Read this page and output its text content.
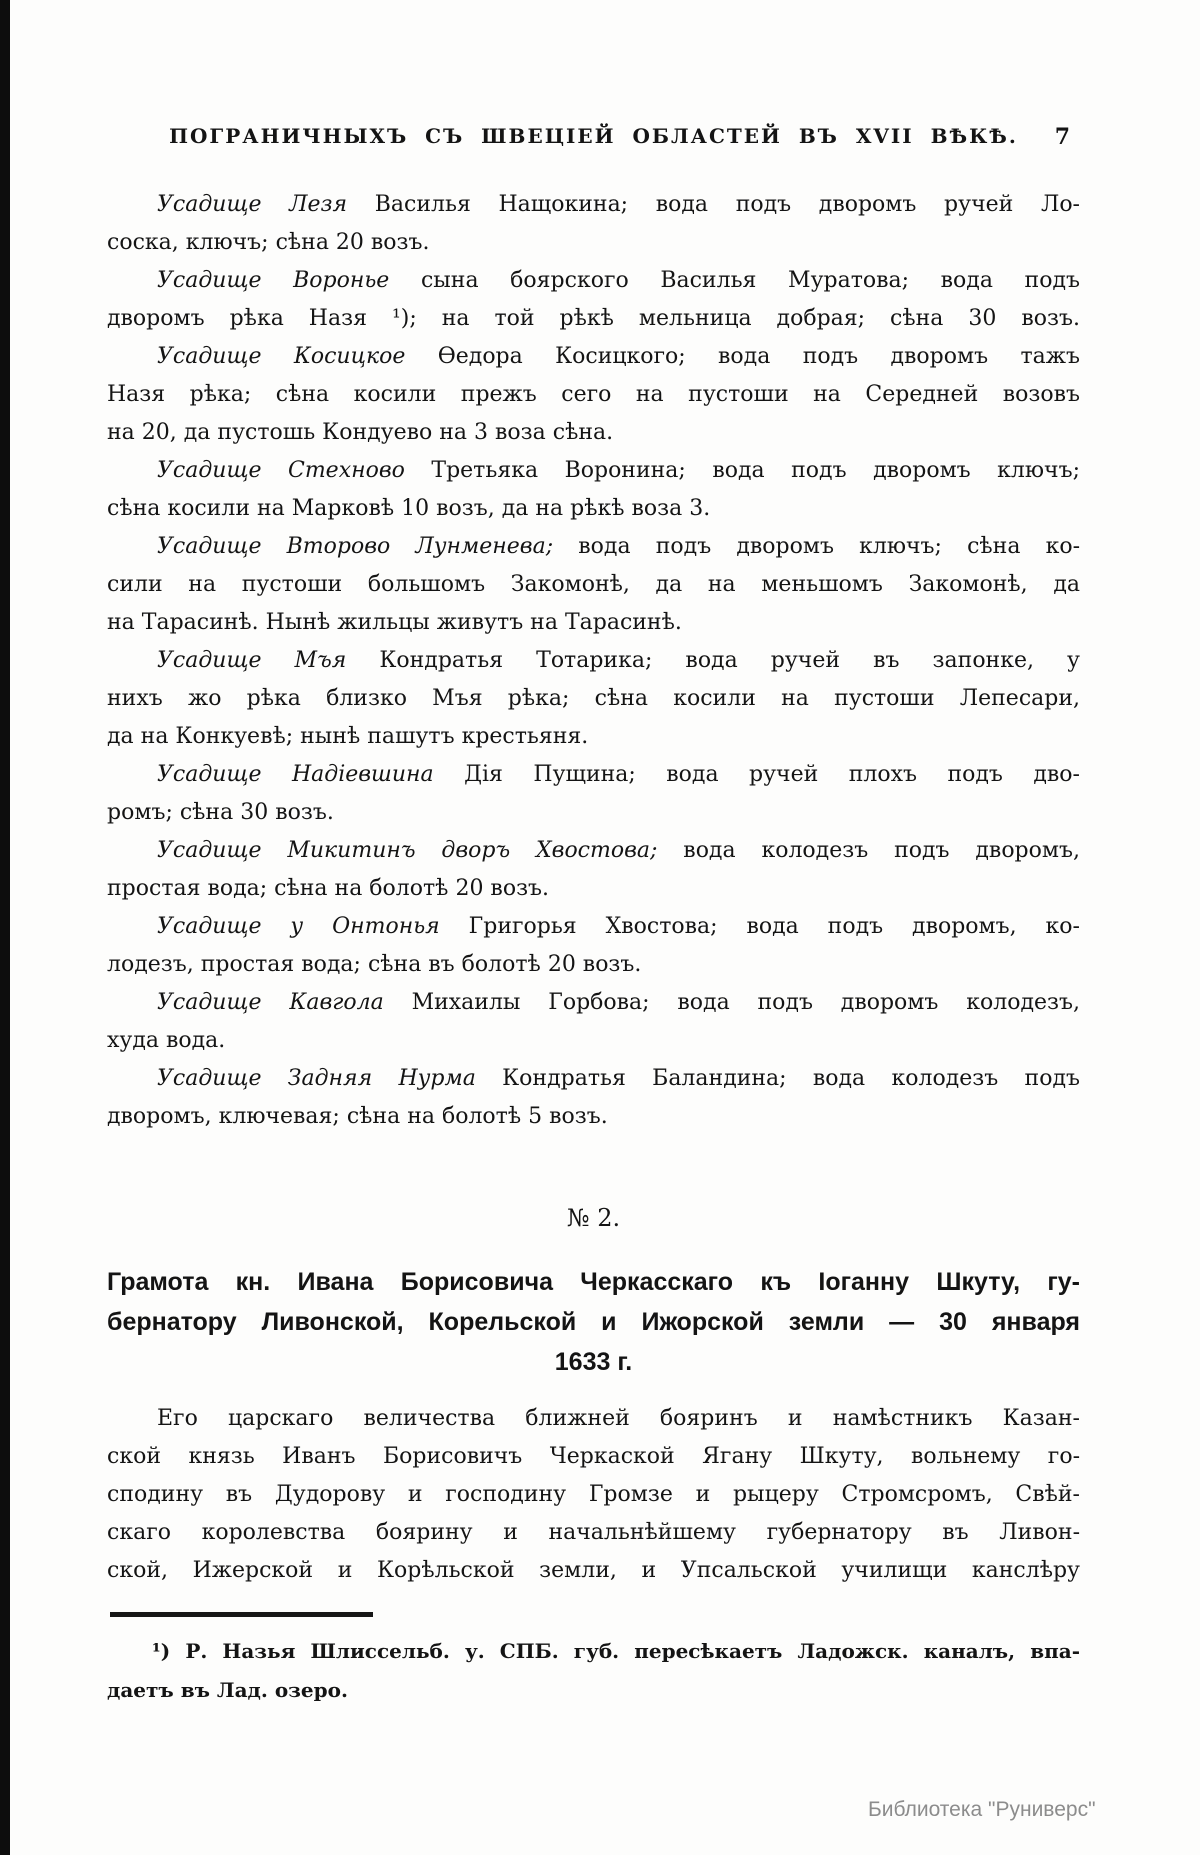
ПОГРАНИЧНЫХЪ СЪ ШВЕЦІЕЙ ОБЛАСТЕЙ ВЪ XVII ВѢКѢ. 7
Усадище Лезя Василья Нащокина; вода подъ дворомъ ручей Ло-
соска, ключъ; сѣна 20 возъ.
Усадище Воронье сына боярского Василья Муратова; вода подъ
дворомъ рѣка Назя ¹); на той рѣкѣ мельница добрая; сѣна 30 возъ.
Усадище Косицкое Ѳедора Косицкого; вода подъ дворомъ тажъ
Назя рѣка; сѣна косили прежъ сего на пустоши на Середней возовъ
на 20, да пустошь Кондуево на 3 воза сѣна.
Усадище Стехново Третьяка Воронина; вода подъ дворомъ ключъ;
сѣна косили на Марковѣ 10 возъ, да на рѣкѣ воза 3.
Усадище Второво Лунменева; вода подъ дворомъ ключъ; сѣна ко-
сили на пустоши большомъ Закомонѣ, да на меньшомъ Закомонѣ, да
на Тарасинѣ. Нынѣ жильцы живутъ на Тарасинѣ.
Усадище Мъя Кондратья Тотарика; вода ручей въ запонке, у
нихъ жо рѣка близко Мъя рѣка; сѣна косили на пустоши Лепесари,
да на Конкуевѣ; нынѣ пашутъ крестьяня.
Усадище Надіевшина Дія Пущина; вода ручей плохъ подъ дво-
ромъ; сѣна 30 возъ.
Усадище Микитинъ дворъ Хвостова; вода колодезъ подъ дворомъ,
простая вода; сѣна на болотѣ 20 возъ.
Усадище у Онтонья Григорья Хвостова; вода подъ дворомъ, ко-
лодезъ, простая вода; сѣна въ болотѣ 20 возъ.
Усадище Кавгола Михаилы Горбова; вода подъ дворомъ колодезъ,
худа вода.
Усадище Задняя Нурма Кондратья Баландина; вода колодезъ подъ
дворомъ, ключевая; сѣна на болотѣ 5 возъ.
№ 2.
Грамота кн. Ивана Борисовича Черкасскаго къ Іоганну Шкуту, гу-
бернатору Ливонской, Корельской и Ижорской земли — 30 января
1633 г.
Его царскаго величества ближней бояринъ и намѣстникъ Казан-
ской князь Иванъ Борисовичъ Черкаской Ягану Шкуту, вольнему го-
сподину въ Дудорову и господину Громзе и рыцеру Стромсромъ, Свѣй-
скаго королевства боярину и начальнѣйшему губернатору въ Ливон-
ской, Ижерской и Корѣльской земли, и Упсальской училищи канслѣру
¹) Р. Назья Шлиссельб. у. СПБ. губ. пересѣкаетъ Ладожск. каналъ, впа-
даетъ въ Лад. озеро.
Библиотека "Руниверс"
